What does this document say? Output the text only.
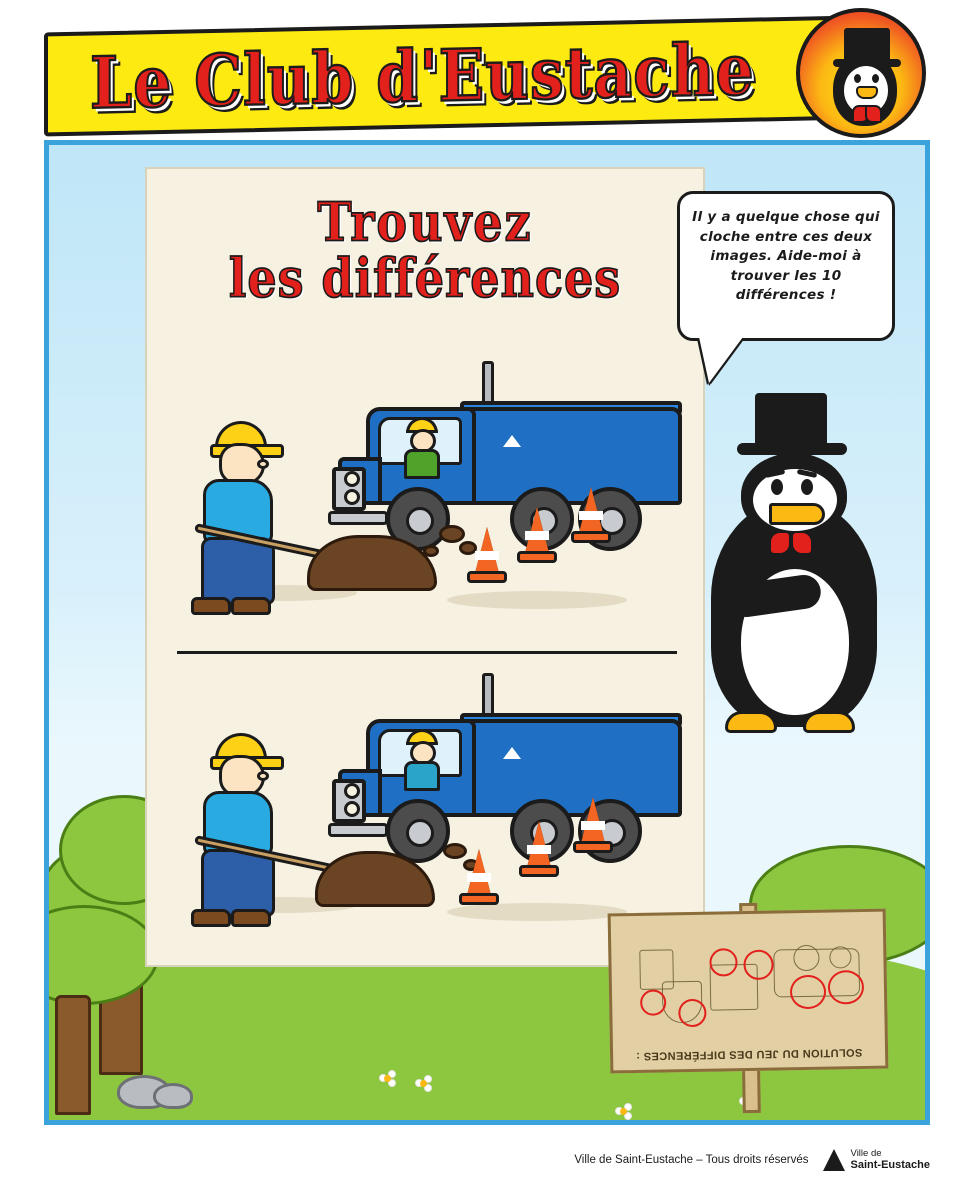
Le Club d'Eustache
Trouvez
les différences
Il y a quelque chose qui cloche entre ces deux images. Aide-moi à trouver les 10 différences !
SOLUTION DU JEU DES DIFFÉRENCES :
Ville de Saint-Eustache – Tous droits réservés
Ville de
Saint-Eustache
